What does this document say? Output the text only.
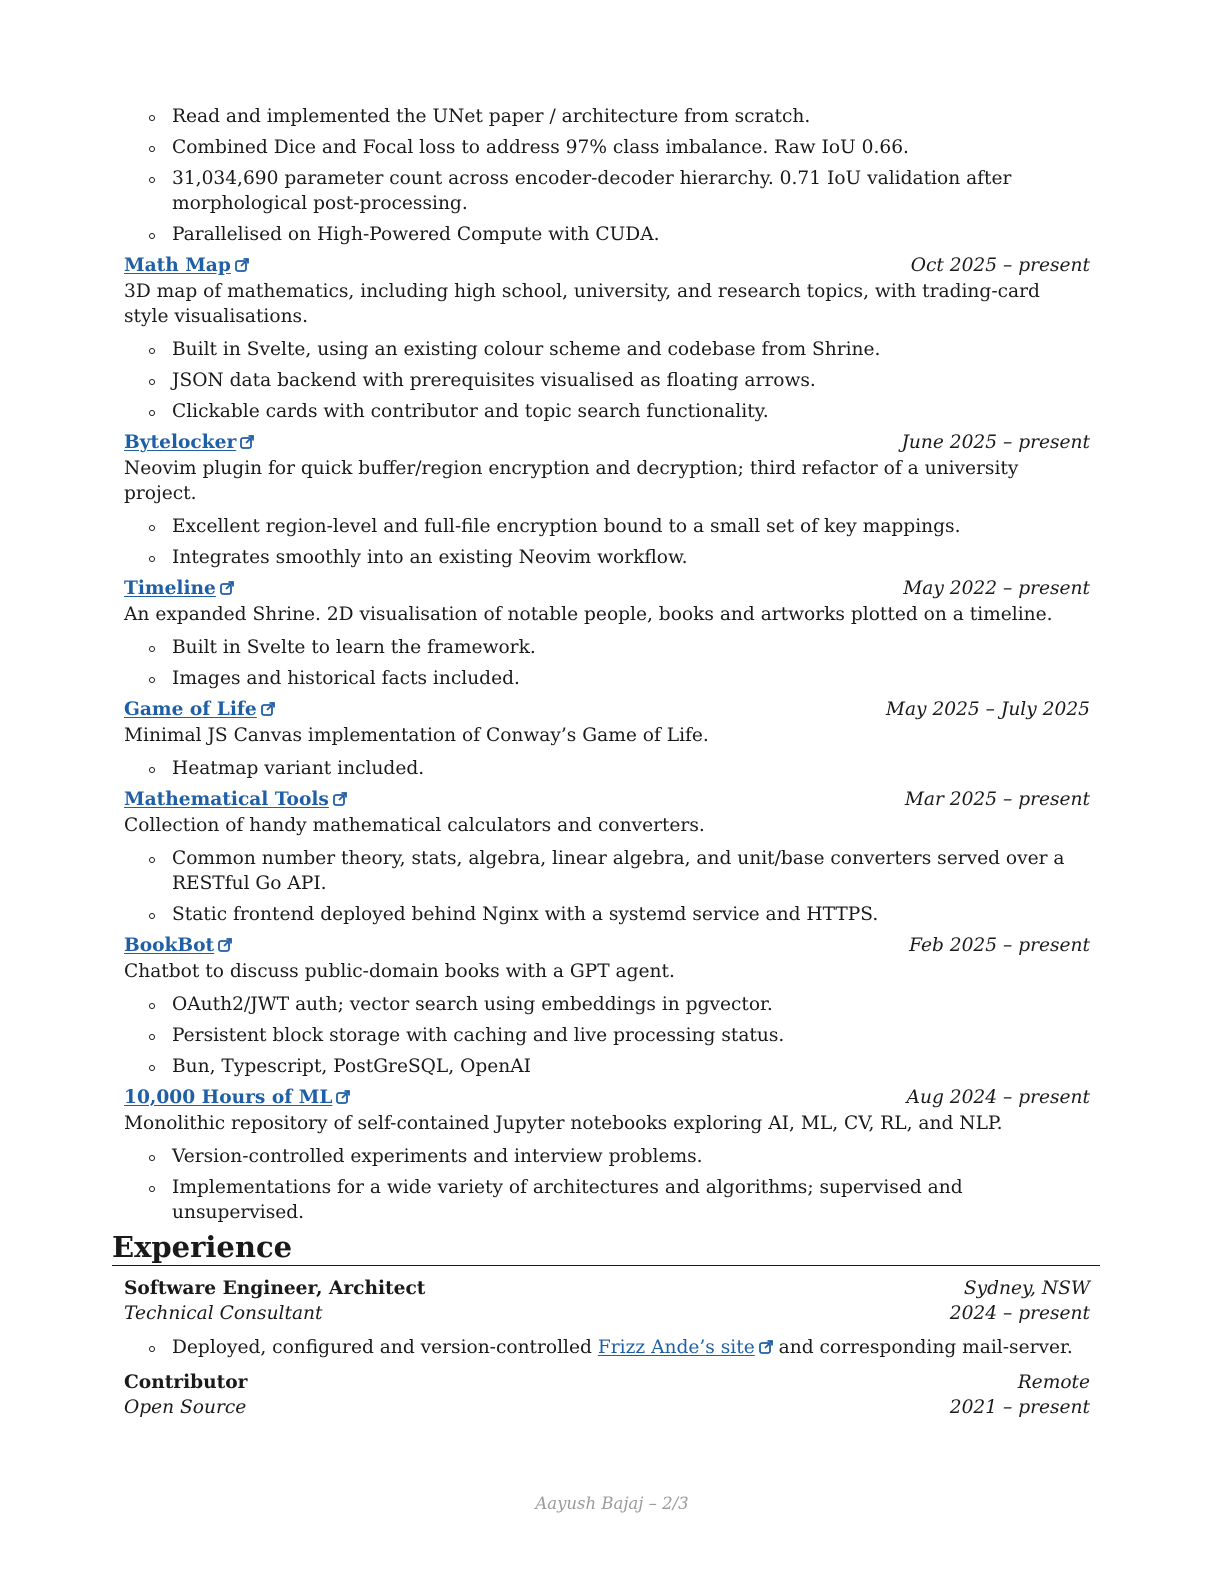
Read and implemented the UNet paper / architecture from scratch.
Combined Dice and Focal loss to address 97% class imbalance. Raw IoU 0.66.
31,034,690 parameter count across encoder-decoder hierarchy. 0.71 IoU validation after morphological post-processing.
Parallelised on High-Powered Compute with CUDA.
Math Map	Oct 2025 – present
3D map of mathematics, including high school, university, and research topics, with trading-card style visualisations.
Built in Svelte, using an existing colour scheme and codebase from Shrine.
JSON data backend with prerequisites visualised as floating arrows.
Clickable cards with contributor and topic search functionality.
Bytelocker	June 2025 – present
Neovim plugin for quick buffer/region encryption and decryption; third refactor of a university project.
Excellent region-level and full-file encryption bound to a small set of key mappings.
Integrates smoothly into an existing Neovim workflow.
Timeline	May 2022 – present
An expanded Shrine. 2D visualisation of notable people, books and artworks plotted on a timeline.
Built in Svelte to learn the framework.
Images and historical facts included.
Game of Life	May 2025 – July 2025
Minimal JS Canvas implementation of Conway’s Game of Life.
Heatmap variant included.
Mathematical Tools	Mar 2025 – present
Collection of handy mathematical calculators and converters.
Common number theory, stats, algebra, linear algebra, and unit/base converters served over a RESTful Go API.
Static frontend deployed behind Nginx with a systemd service and HTTPS.
BookBot	Feb 2025 – present
Chatbot to discuss public-domain books with a GPT agent.
OAuth2/JWT auth; vector search using embeddings in pgvector.
Persistent block storage with caching and live processing status.
Bun, Typescript, PostGreSQL, OpenAI
10,000 Hours of ML	Aug 2024 – present
Monolithic repository of self-contained Jupyter notebooks exploring AI, ML, CV, RL, and NLP.
Version-controlled experiments and interview problems.
Implementations for a wide variety of architectures and algorithms; supervised and unsupervised.
Experience
Software Engineer, Architect	Sydney, NSW
Technical Consultant	2024 – present
Deployed, configured and version-controlled Frizz Ande’s site
and corresponding mail-server.
Contributor	Remote
Open Source	2021 – present
Aayush Bajaj – 2/3
